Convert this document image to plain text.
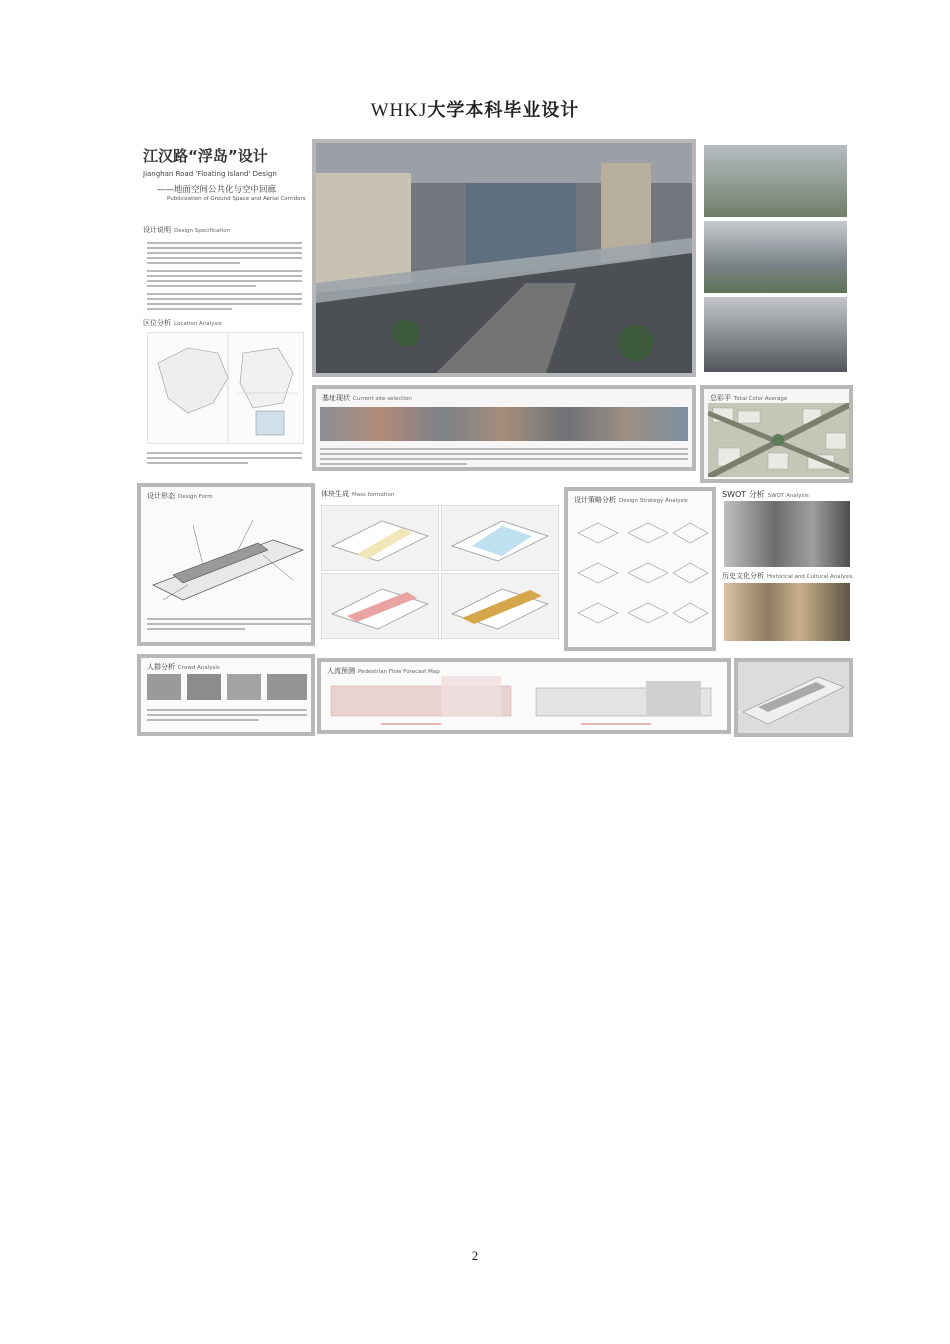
WHKJ大学本科毕业设计
江汉路“浮岛”设计
Jianghan Road 'Floating Island' Design
——地面空间公共化与空中回廊
Publicization of Ground Space and Aerial Corridors
设计说明 Design Specification
区位分析 Location Analysis
基址现状 Current site selection	总彩平 Total Color Average
设计形态 Design Form	体块生成 Mass formation
设计策略分析 Design Strategy Analysis
SWOT 分析 SWOT Analysis
历史文化分析 Historical and Cultural Analysis
人群分析 Crowd Analysis	人流预测 Pedestrian Flow Forecast Map
2
